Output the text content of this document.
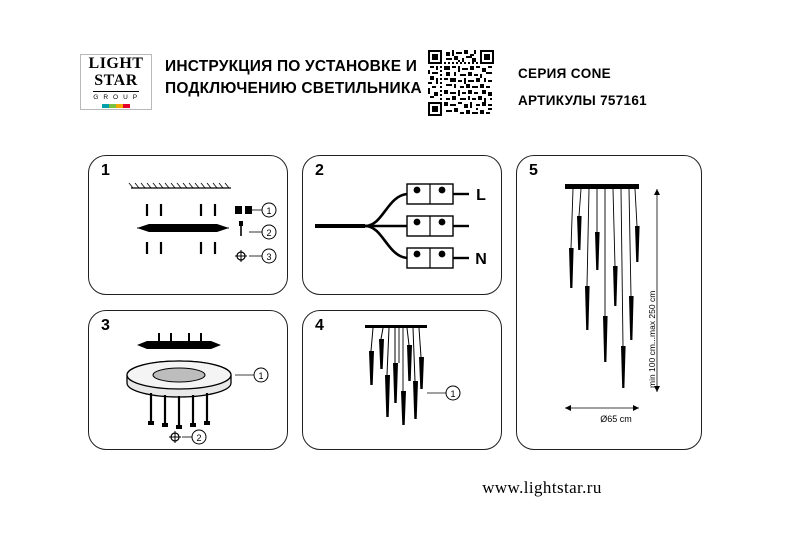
LIGHT
STAR
G R O U P
ИНСТРУКЦИЯ ПО УСТАНОВКЕ И
ПОДКЛЮЧЕНИЮ СВЕТИЛЬНИКА
СЕРИЯ CONE
АРТИКУЛЫ 757161
1
1
2
3
2
L
N
3
1
2
4
1
5
min 100 cm...max 250 cm
Ø65 cm
www.lightstar.ru
